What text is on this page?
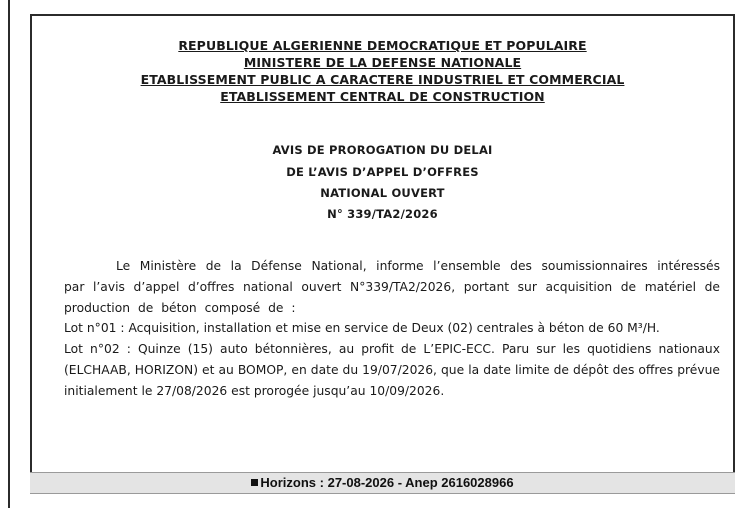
REPUBLIQUE ALGERIENNE DEMOCRATIQUE ET POPULAIRE
MINISTERE DE LA DEFENSE NATIONALE
ETABLISSEMENT PUBLIC A CARACTERE INDUSTRIEL ET COMMERCIAL
ETABLISSEMENT CENTRAL DE CONSTRUCTION
AVIS DE PROROGATION DU DELAI
DE L’AVIS D’APPEL D’OFFRES
NATIONAL OUVERT
N° 339/TA2/2026
Le Ministère de la Défense National, informe l’ensemble des soumissionnaires intéressés par l’avis d’appel d’offres national ouvert N°339/TA2/2026, portant sur acquisition de matériel de production de béton composé de :
Lot n°01 : Acquisition, installation et mise en service de Deux (02) centrales à béton de 60 M³/H.
Lot n°02 : Quinze (15) auto bétonnières, au profit de L’EPIC-ECC. Paru sur les quotidiens nationaux (ELCHAAB, HORIZON) et au BOMOP, en date du 19/07/2026, que la date limite de dépôt des offres prévue initialement le 27/08/2026 est prorogée jusqu’au 10/09/2026.
Horizons : 27-08-2026 - Anep 2616028966
